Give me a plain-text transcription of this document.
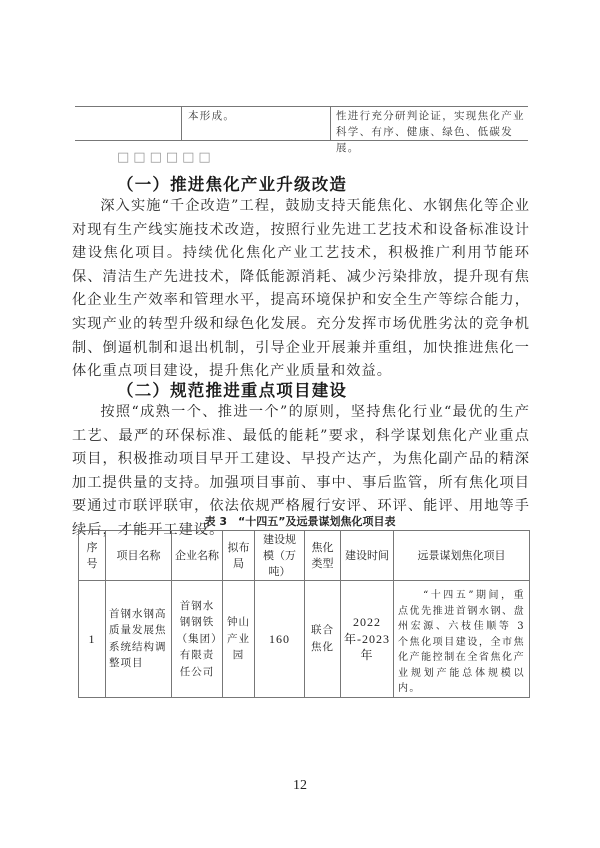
本形成。	性进行充分研判论证，实现焦化产业科学、有序、健康、绿色、低碳发展。
□□□□□□
（一）推进焦化产业升级改造
深入实施“千企改造”工程，鼓励支持天能焦化、水钢焦化等企业对现有生产线实施技术改造，按照行业先进工艺技术和设备标准设计建设焦化项目。持续优化焦化产业工艺技术，积极推广利用节能环保、清洁生产先进技术，降低能源消耗、减少污染排放，提升现有焦化企业生产效率和管理水平，提高环境保护和安全生产等综合能力，实现产业的转型升级和绿色化发展。充分发挥市场优胜劣汰的竞争机制、倒逼机制和退出机制，引导企业开展兼并重组，加快推进焦化一体化重点项目建设，提升焦化产业质量和效益。
（二）规范推进重点项目建设
按照“成熟一个、推进一个”的原则，坚持焦化行业“最优的生产工艺、最严的环保标准、最低的能耗”要求，科学谋划焦化产业重点项目，积极推动项目早开工建设、早投产达产，为焦化副产品的精深加工提供量的支持。加强项目事前、事中、事后监管，所有焦化项目要通过市联评联审，依法依规严格履行安评、环评、能评、用地等手续后，才能开工建设。
表 3　“十四五”及远景谋划焦化项目表
序号	项目名称	企业名称	拟布局	建设规模（万吨）	焦化类型	建设时间	远景谋划焦化项目
1	首钢水钢高质量发展焦系统结构调整项目	首钢水钢钢铁（集团）有限责任公司	钟山产业园	160	联合焦化	2022 年-2023 年	　　“十四五”期间，重点优先推进首钢水钢、盘州宏源、六枝佳顺等 3 个焦化项目建设，全市焦化产能控制在全省焦化产业规划产能总体规模以内。
12
